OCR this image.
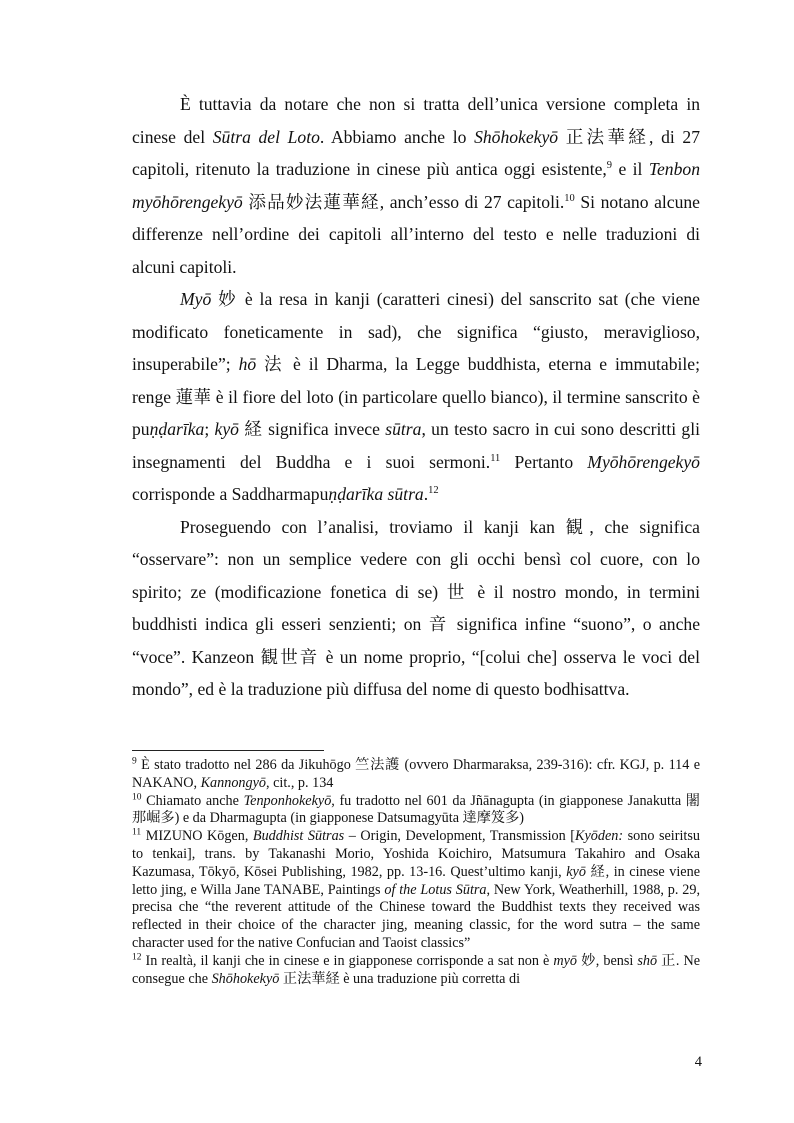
È tuttavia da notare che non si tratta dell’unica versione completa in cinese del Sūtra del Loto. Abbiamo anche lo Shōhokekyō 正法華経, di 27 capitoli, ritenuto la traduzione in cinese più antica oggi esistente,$^9$ e il Tenbon myōhōrengekyō 添品妙法蓮華経, anch’esso di 27 capitoli.$^{10}$ Si notano alcune differenze nell’ordine dei capitoli all’interno del testo e nelle traduzioni di alcuni capitoli.

Myō 妙 è la resa in kanji (caratteri cinesi) del sanscrito sat (che viene modificato foneticamente in sad), che significa “giusto, meraviglioso, insuperabile”; hō 法 è il Dharma, la Legge buddhista, eterna e immutabile; renge 蓮華 è il fiore del loto (in particolare quello bianco), il termine sanscrito è puṇḍarīka; kyō 経 significa invece sūtra, un testo sacro in cui sono descritti gli insegnamenti del Buddha e i suoi sermoni.$^{11}$ Pertanto Myōhōrengekyō corrisponde a Saddharmapuṇḍarīka sūtra.$^{12}$

Proseguendo con l’analisi, troviamo il kanji kan 観, che significa “osservare”: non un semplice vedere con gli occhi bensì col cuore, con lo spirito; ze (modificazione fonetica di se) 世 è il nostro mondo, in termini buddhisti indica gli esseri senzienti; on 音 significa infine “suono”, o anche “voce”. Kanzeon 観世音 è un nome proprio, “[colui che] osserva le voci del mondo”, ed è la traduzione più diffusa del nome di questo bodhisattva.

$^9$ È stato tradotto nel 286 da Jikuhōgo 竺法護 (ovvero Dharmaraksa, 239-316): cfr. KGJ, p. 114 e NAKANO, Kannongyō, cit., p. 134

$^{10}$ Chiamato anche Tenponhokekyō, fu tradotto nel 601 da Jñānagupta (in giapponese Janakutta 闍那崛多) e da Dharmagupta (in giapponese Datsumagyūta 達摩笈多)

$^{11}$ MIZUNO Kōgen, Buddhist Sūtras – Origin, Development, Transmission [Kyōden: sono seiritsu to tenkai], trans. by Takanashi Morio, Yoshida Koichiro, Matsumura Takahiro and Osaka Kazumasa, Tōkyō, Kōsei Publishing, 1982, pp. 13-16. Quest’ultimo kanji, kyō 経, in cinese viene letto jing, e Willa Jane TANABE, Paintings of the Lotus Sūtra, New York, Weatherhill, 1988, p. 29, precisa che “the reverent attitude of the Chinese toward the Buddhist texts they received was reflected in their choice of the character jing, meaning classic, for the word sutra – the same character used for the native Confucian and Taoist classics”

$^{12}$ In realtà, il kanji che in cinese e in giapponese corrisponde a sat non è myō 妙, bensì shō 正. Ne consegue che Shōhokekyō 正法華経 è una traduzione più corretta di

4
